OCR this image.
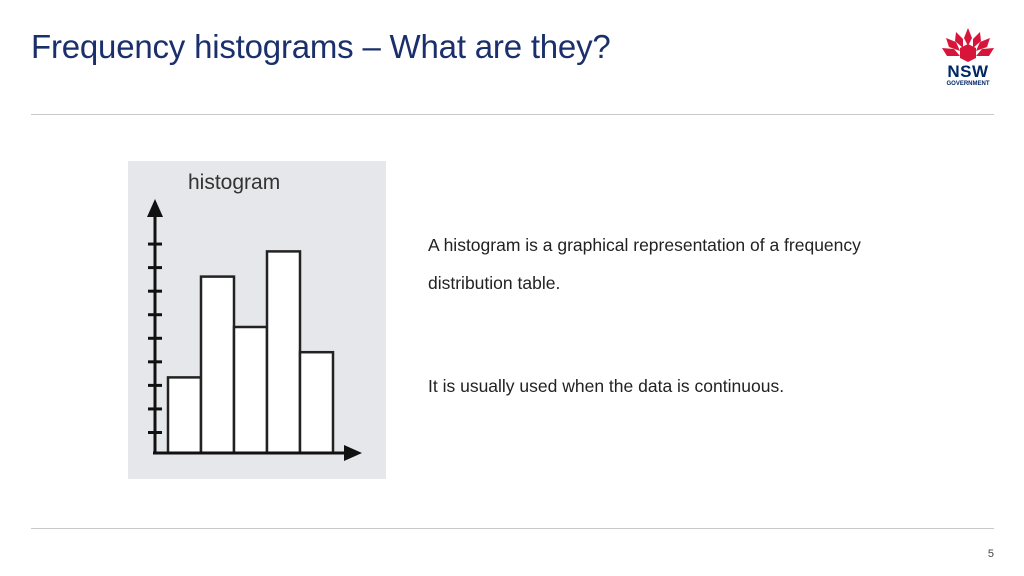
Frequency histograms – What are they?
NSW
GOVERNMENT
histogram

A histogram is a graphical representation of a frequency distribution table.

It is usually used when the data is continuous.

5
